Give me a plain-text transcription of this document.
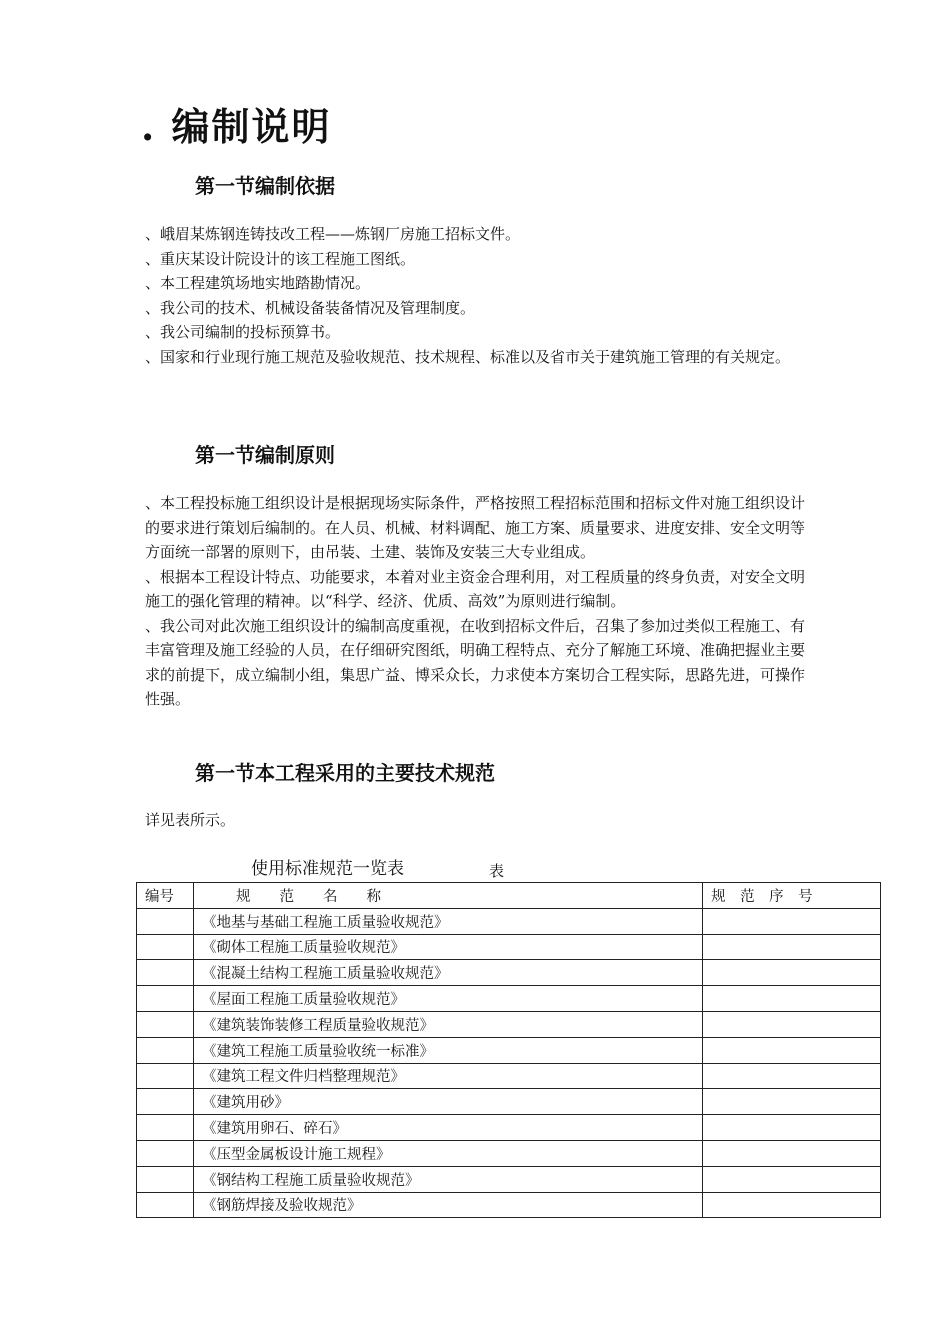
. 编制说明
第一节编制依据

、峨眉某炼钢连铸技改工程——炼钢厂房施工招标文件。

、重庆某设计院设计的该工程施工图纸。

、本工程建筑场地实地踏勘情况。

、我公司的技术、机械设备装备情况及管理制度。

、我公司编制的投标预算书。

、国家和行业现行施工规范及验收规范、技术规程、标准以及省市关于建筑施工管理的有关规定。

第一节编制原则

、本工程投标施工组织设计是根据现场实际条件，严格按照工程招标范围和招标文件对施工组织设计的要求进行策划后编制的。在人员、机械、材料调配、施工方案、质量要求、进度安排、安全文明等方面统一部署的原则下，由吊装、土建、装饰及安装三大专业组成。

、根据本工程设计特点、功能要求，本着对业主资金合理利用，对工程质量的终身负责，对安全文明施工的强化管理的精神。以“科学、经济、优质、高效”为原则进行编制。

、我公司对此次施工组织设计的编制高度重视，在收到招标文件后，召集了参加过类似工程施工、有丰富管理及施工经验的人员，在仔细研究图纸，明确工程特点、充分了解施工环境、准确把握业主要求的前提下，成立编制小组，集思广益、博采众长，力求使本方案切合工程实际，思路先进，可操作性强。

第一节本工程采用的主要技术规范

详见表所示。

使用标准规范一览表	表
编号	规　　范　　名　　称	规　范　序　号
	《地基与基础工程施工质量验收规范》	
	《砌体工程施工质量验收规范》	
	《混凝土结构工程施工质量验收规范》	
	《屋面工程施工质量验收规范》	
	《建筑装饰装修工程质量验收规范》	
	《建筑工程施工质量验收统一标准》	
	《建筑工程文件归档整理规范》	
	《建筑用砂》	
	《建筑用卵石、碎石》	
	《压型金属板设计施工规程》	
	《钢结构工程施工质量验收规范》	
	《钢筋焊接及验收规范》	
